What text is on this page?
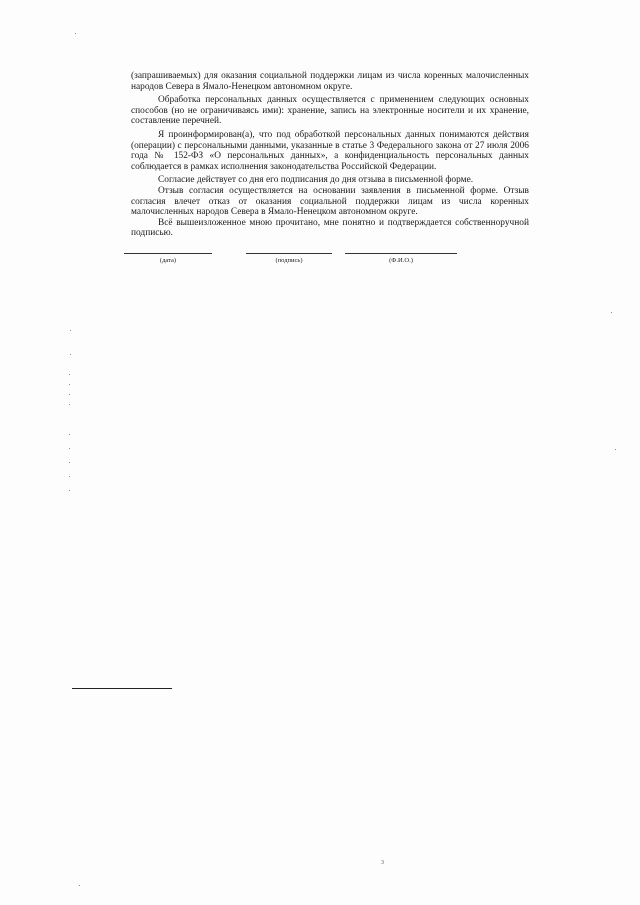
(запрашиваемых) для оказания социальной поддержки лицам из числа коренных малочисленных народов Севера в Ямало-Ненецком автономном округе.

Обработка персональных данных осуществляется с применением следующих основных способов (но не ограничиваясь ими): хранение, запись на электронные носители и их хранение, составление перечней.

Я проинформирован(а), что под обработкой персональных данных понимаются действия (операции) с персональными данными, указанные в статье 3 Федерального закона от 27 июля 2006 года № 152-ФЗ «О персональных данных», а конфиденциальность персональных данных соблюдается в рамках исполнения законодательства Российской Федерации.

Согласие действует со дня его подписания до дня отзыва в письменной форме.

Отзыв согласия осуществляется на основании заявления в письменной форме. Отзыв согласия влечет отказ от оказания социальной поддержки лицам из числа коренных малочисленных народов Севера в Ямало-Ненецком автономном округе.

Всё вышеизложенное мною прочитано, мне понятно и подтверждается собственноручной подписью.

(дата)	(подпись)	(Ф.И.О.)
3
